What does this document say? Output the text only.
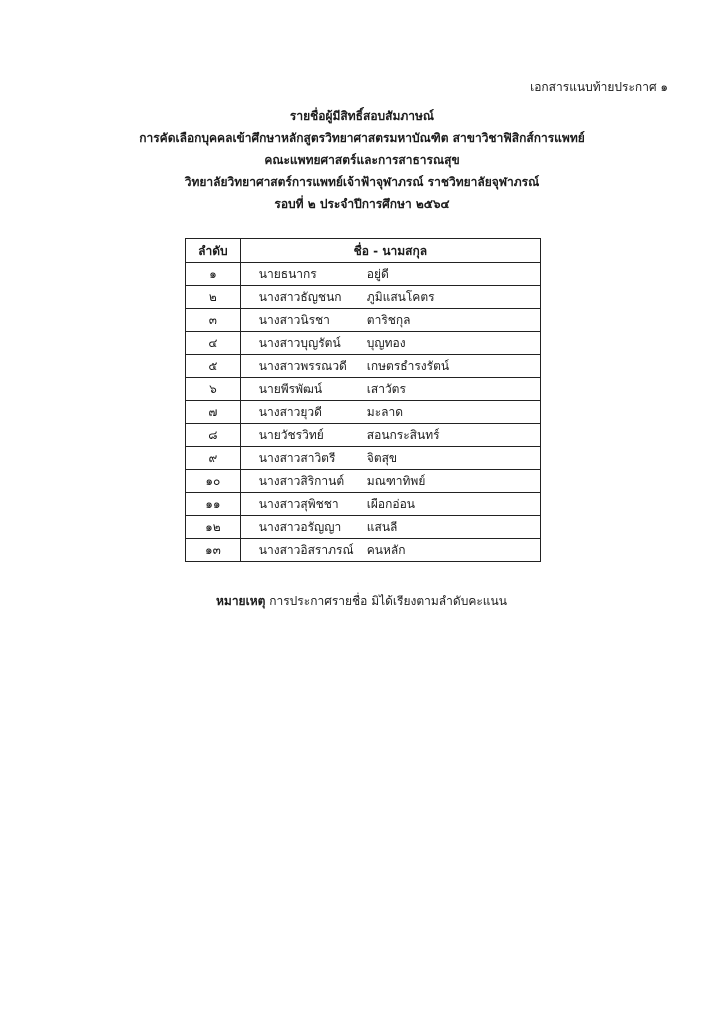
เอกสารแนบท้ายประกาศ ๑
รายชื่อผู้มีสิทธิ์สอบสัมภาษณ์
การคัดเลือกบุคคลเข้าศึกษาหลักสูตรวิทยาศาสตรมหาบัณฑิต สาขาวิชาฟิสิกส์การแพทย์
คณะแพทยศาสตร์และการสาธารณสุข
วิทยาลัยวิทยาศาสตร์การแพทย์เจ้าฟ้าจุฬาภรณ์ ราชวิทยาลัยจุฬาภรณ์
รอบที่ ๒ ประจำปีการศึกษา ๒๕๖๔
ลำดับ	ชื่อ - นามสกุล
๑	นายธนากร อยู่ดี
๒	นางสาวธัญชนก ภูมิแสนโคตร
๓	นางสาวนิรชา ตาริชกุล
๔	นางสาวบุญรัตน์ บุญทอง
๕	นางสาวพรรณวดี เกษตรธำรงรัตน์
๖	นายพีรพัฒน์ เสาวัตร
๗	นางสาวยุวดี มะลาด
๘	นายวัชรวิทย์ สอนกระสินทร์
๙	นางสาวสาวิตรี จิตสุข
๑๐	นางสาวสิริกานต์ มณฑาทิพย์
๑๑	นางสาวสุพิชชา เผือกอ่อน
๑๒	นางสาวอรัญญา แสนลี
๑๓	นางสาวอิสราภรณ์ คนหลัก
หมายเหตุ การประกาศรายชื่อ มิได้เรียงตามลำดับคะแนน
